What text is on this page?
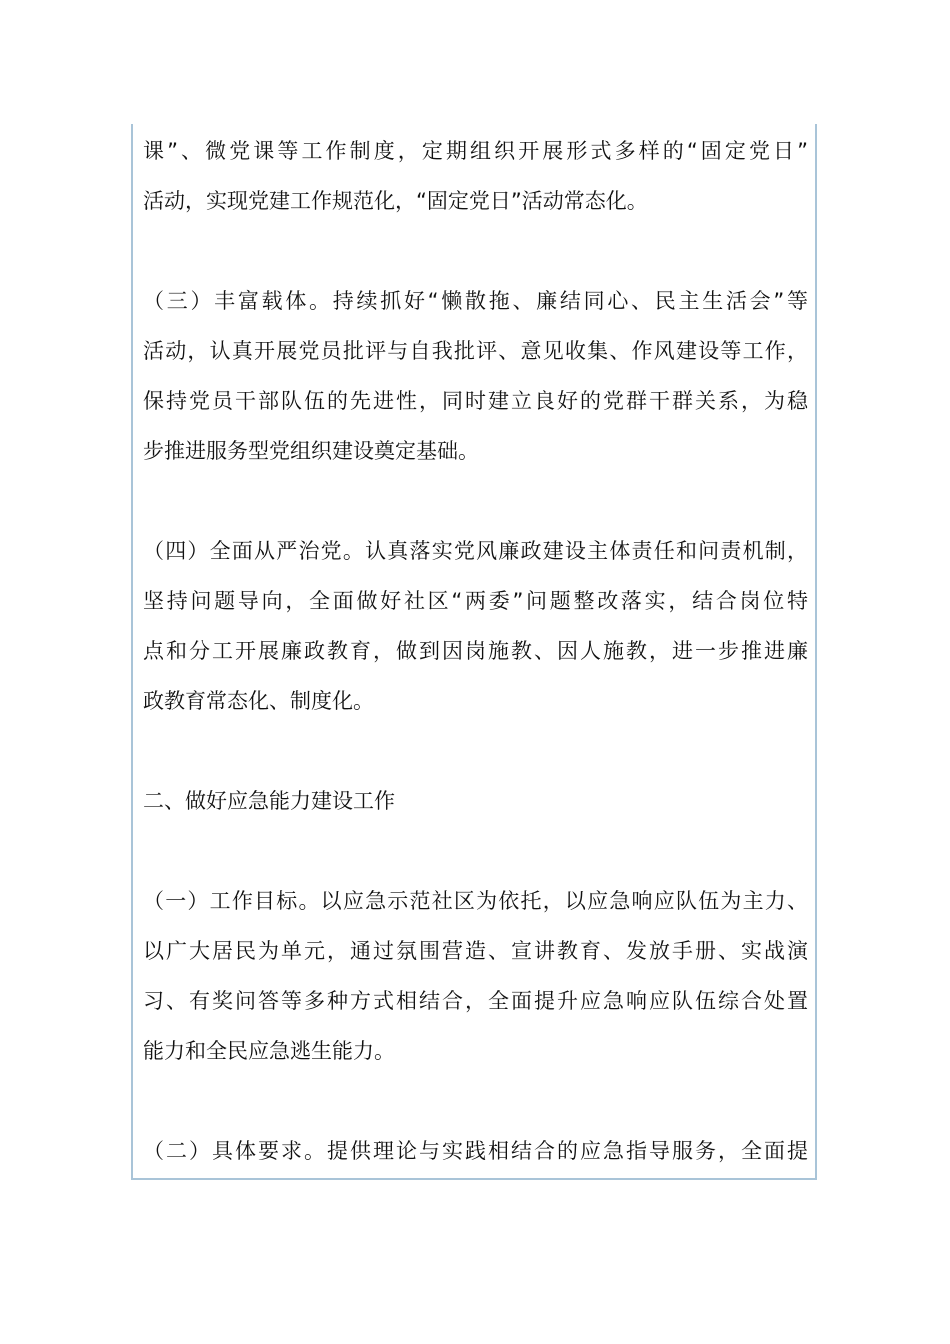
课”、微党课等工作制度，定期组织开展形式多样的“固定党日”
活动，实现党建工作规范化，“固定党日”活动常态化。
（三）丰富载体。持续抓好“懒散拖、廉结同心、民主生活会”等
活动，认真开展党员批评与自我批评、意见收集、作风建设等工作，
保持党员干部队伍的先进性，同时建立良好的党群干群关系，为稳
步推进服务型党组织建设奠定基础。
（四）全面从严治党。认真落实党风廉政建设主体责任和问责机制，
坚持问题导向，全面做好社区“两委”问题整改落实，结合岗位特
点和分工开展廉政教育，做到因岗施教、因人施教，进一步推进廉
政教育常态化、制度化。
二、做好应急能力建设工作
（一）工作目标。以应急示范社区为依托，以应急响应队伍为主力、
以广大居民为单元，通过氛围营造、宣讲教育、发放手册、实战演
习、有奖问答等多种方式相结合，全面提升应急响应队伍综合处置
能力和全民应急逃生能力。
（二）具体要求。提供理论与实践相结合的应急指导服务，全面提
